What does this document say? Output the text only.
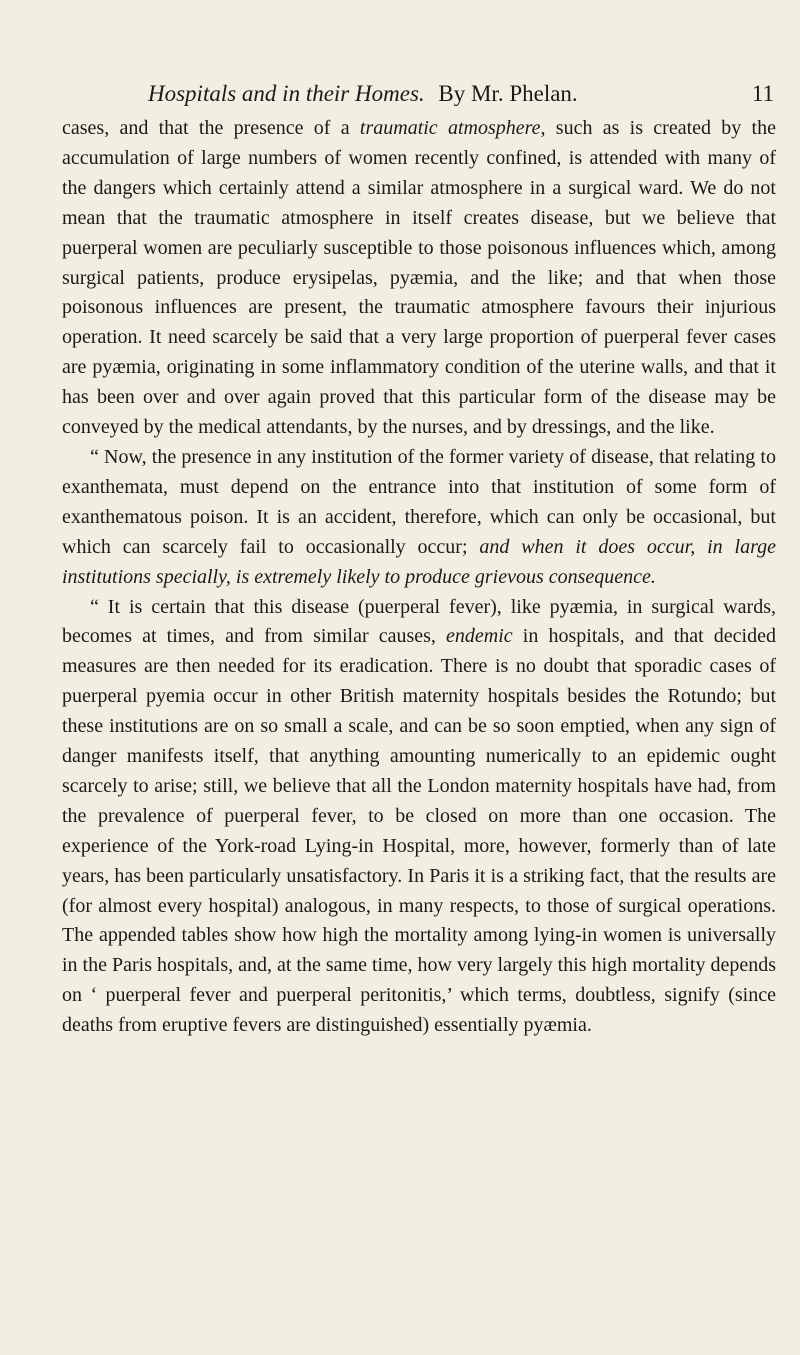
Hospitals and in their Homes. By Mr. Phelan.	11

cases, and that the presence of a traumatic atmosphere, such as is created by the accumulation of large numbers of women recently confined, is attended with many of the dangers which certainly attend a similar atmosphere in a surgical ward. We do not mean that the traumatic atmosphere in itself creates disease, but we believe that puerperal women are peculiarly susceptible to those poisonous influences which, among surgical patients, produce erysipelas, pyæmia, and the like; and that when those poisonous influences are present, the traumatic atmosphere favours their injurious operation. It need scarcely be said that a very large proportion of puerperal fever cases are pyæmia, originating in some inflammatory condition of the uterine walls, and that it has been over and over again proved that this particular form of the disease may be conveyed by the medical attendants, by the nurses, and by dressings, and the like.

“ Now, the presence in any institution of the former variety of disease, that relating to exanthemata, must depend on the entrance into that institution of some form of exanthematous poison. It is an accident, therefore, which can only be occasional, but which can scarcely fail to occasionally occur; and when it does occur, in large institutions specially, is extremely likely to produce grievous consequence.

“ It is certain that this disease (puerperal fever), like pyæmia, in surgical wards, becomes at times, and from similar causes, endemic in hospitals, and that decided measures are then needed for its eradication. There is no doubt that sporadic cases of puerperal pyemia occur in other British maternity hospitals besides the Rotundo; but these institutions are on so small a scale, and can be so soon emptied, when any sign of danger manifests itself, that anything amounting numerically to an epidemic ought scarcely to arise; still, we believe that all the London maternity hospitals have had, from the prevalence of puerperal fever, to be closed on more than one occasion. The experience of the York-road Lying-in Hospital, more, however, formerly than of late years, has been particularly unsatisfactory. In Paris it is a striking fact, that the results are (for almost every hospital) analogous, in many respects, to those of surgical operations. The appended tables show how high the mortality among lying-in women is universally in the Paris hospitals, and, at the same time, how very largely this high mortality depends on ‘ puerperal fever and puerperal peritonitis,’ which terms, doubtless, signify (since deaths from eruptive fevers are distinguished) essentially pyæmia.
